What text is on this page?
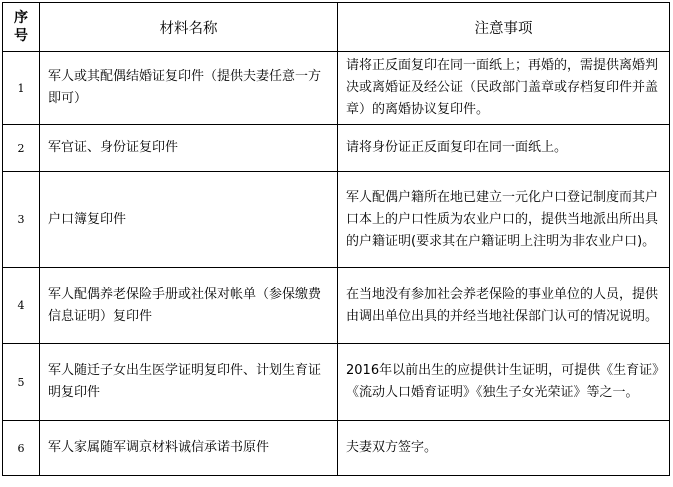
序
号	材料名称	注意事项
1	军人或其配偶结婚证复印件（提供夫妻任意一方即可）	请将正反面复印在同一面纸上；再婚的，需提供离婚判决或离婚证及经公证（民政部门盖章或存档复印件并盖章）的离婚协议复印件。
2	军官证、身份证复印件	请将身份证正反面复印在同一面纸上。
3	户口簿复印件	军人配偶户籍所在地已建立一元化户口登记制度而其户口本上的户口性质为农业户口的，提供当地派出所出具的户籍证明(要求其在户籍证明上注明为非农业户口)。
4	军人配偶养老保险手册或社保对帐单（参保缴费信息证明）复印件	在当地没有参加社会养老保险的事业单位的人员，提供由调出单位出具的并经当地社保部门认可的情况说明。
5	军人随迁子女出生医学证明复印件、计划生育证明复印件	2016年以前出生的应提供计生证明，可提供《生育证》《流动人口婚育证明》《独生子女光荣证》等之一。
6	军人家属随军调京材料诚信承诺书原件	夫妻双方签字。
